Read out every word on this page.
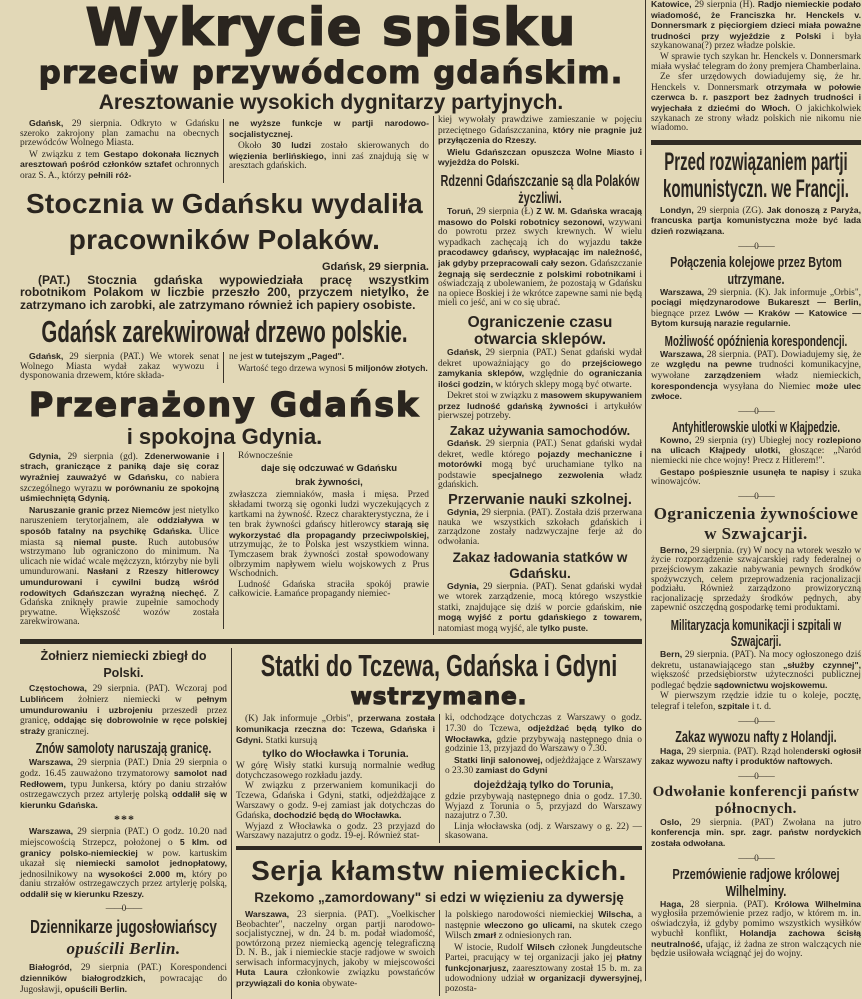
Wykrycie spisku
przeciw przywódcom gdańskim.
Aresztowanie wysokich dygnitarzy partyjnych.

Gdańsk, 29 sierpnia. Odkryto w Gdańsku szeroko zakrojony plan zamachu na obecnych przewódców Wolnego Miasta.

W związku z tem Gestapo dokonała licznych aresztowań pośród członków sztafet ochronnych oraz S. A., którzy pełnili róż-

ne wyższe funkcje w partji narodowo-socjalistycznej.

Około 30 ludzi zostało skierowanych do więzienia berlińskiego, inni zaś znajdują się w aresztach gdańskich.

Stocznia w Gdańsku wydaliła pracowników Polaków.
Gdańsk, 29 sierpnia.

(PAT.) Stocznia gdańska wypowiedziała pracę wszystkim robotnikom Polakom w liczbie przeszło 200, przyczem nietylko, że zatrzymano ich zarobki, ale zatrzymano również ich papiery osobiste.

Gdańsk zarekwirował drzewo polskie.

Gdańsk, 29 sierpnia (PAT.) We wtorek senat Wolnego Miasta wydał zakaz wywozu i dysponowania drzewem, które składa-

ne jest w tutejszym „Paged".

Wartość tego drzewa wynosi 5 miljonów złotych.

Przerażony Gdańsk
i spokojna Gdynia.

Gdynia, 29 sierpnia (gd). Zdenerwowanie i strach, graniczące z paniką daje się coraz wyraźniej zauważyć w Gdańsku, co nabiera szczególnego wyrazu w porównaniu ze spokojną uśmiechniętą Gdynią.

Naruszanie granic przez Niemców jest nietylko naruszeniem terytorjalnem, ale oddziaływa w sposób fatalny na psychikę Gdańska. Ulice miasta są niemal puste. Ruch autobusów wstrzymano lub ograniczono do minimum. Na ulicach nie widać wcale mężczyzn, którzyby nie byli umundurowani. Nasłani z Rzeszy hitlerowcy umundurowani i cywilni budzą wśród rodowitych Gdańszczan wyraźną niechęć. Z Gdańska zniknęły prawie zupełnie samochody prywatne. Większość wozów została zarekwirowana.

Równocześnie

daje się odczuwać w Gdańsku
brak żywności,

zwłaszcza ziemniaków, masła i mięsa. Przed składami tworzą się ogonki ludzi wyczekujących z kartkami na żywność. Rzecz charakterystyczna, że i ten brak żywności gdańscy hitlerowcy starają się wykorzystać dla propagandy przeciwpolskiej, utrzymując, że to Polska jest wszystkiem winna. Tymczasem brak żywności został spowodowany olbrzymim napływem wielu wojskowych z Prus Wschodnich.

Ludność Gdańska straciła spokój prawie całkowicie. Łamańce propagandy niemiec-

kiej wywołały prawdziwe zamieszanie w pojęciu przeciętnego Gdańszczanina, który nie pragnie już przyłączenia do Rzeszy.

Wielu Gdańszczan opuszcza Wolne Miasto i wyjeżdża do Polski.

Rdzenni Gdańszczanie są dla Polaków życzliwi.

Toruń, 29 sierpnia (Ł) Z W. M. Gdańska wracają masowo do Polski robotnicy sezonowi, wzywani do powrotu przez swych krewnych. W wielu wypadkach zachęcają ich do wyjazdu także pracodawcy gdańscy, wypłacając im należność, jak gdyby przepracowali cały sezon. Gdańszczanie żegnają się serdecznie z polskimi robotnikami i oświadczają z ubolewaniem, że pozostają w Gdańsku na opiece Boskiej i że wkrótce zapewne sami nie będą mieli co jeść, ani w co się ubrać.

Ograniczenie czasu otwarcia sklepów.

Gdańsk, 29 sierpnia (PAT.) Senat gdański wydał dekret upoważniający go do przejściowego zamykania sklepów, względnie do ograniczania ilości godzin, w których sklepy mogą być otwarte.

Dekret stoi w związku z masowem skupywaniem przez ludność gdańską żywności i artykułów pierwszej potrzeby.

Zakaz używania samochodów.

Gdańsk. 29 sierpnia (PAT.) Senat gdański wydał dekret, wedle którego pojazdy mechaniczne i motorówki mogą być uruchamiane tylko na podstawie specjalnego zezwolenia władz gdańskich.

Przerwanie nauki szkolnej.

Gdynia, 29 sierpnia. (PAT). Została dziś przerwana nauka we wszystkich szkołach gdańskich i zarządzone zostały nadzwyczajne ferje aż do odwołania.

Zakaz ładowania statków w Gdańsku.

Gdynia, 29 sierpnia. (PAT). Senat gdański wydał we wtorek zarządzenie, mocą którego wszystkie statki, znajdujące się dziś w porcie gdańskim, nie mogą wyjść z portu gdańskiego z towarem, natomiast mogą wyjść, ale tylko puste.

Żołnierz niemiecki zbiegł do Polski.

Częstochowa, 29 sierpnia. (PAT). Wczoraj pod Lublińcem żołnierz niemiecki w pełnym umundurowaniu i uzbrojeniu przeszedł przez granicę, oddając się dobrowolnie w ręce polskiej straży granicznej.

Znów samoloty naruszają granicę.

Warszawa, 29 sierpnia (PAT.) Dnia 29 sierpnia o godz. 16.45 zauważono trzymatorowy samolot nad Redłowem, typu Junkersa, który po daniu strzałów ostrzegawczych przez artylerję polską oddalił się w kierunku Gdańska.

* * *

Warszawa, 29 sierpnia (PAT.) O godz. 10.20 nad miejscowością Strzepcz, położonej o 5 klm. od granicy polsko-niemieckiej w pow. kartuskim ukazał się niemiecki samolot jednopłatowy, jednosilnikowy na wysokości 2.000 m, który po daniu strzałów ostrzegawczych przez artylerję polską, oddalił się w kierunku Rzeszy.

——0——
Dziennikarze jugosłowiańscy
opuścili Berlin.

Białogród, 29 sierpnia (PAT.) Korespondenci dzienników białogrodzkich, powracając do Jugosławji, opuścili Berlin.

Statki do Tczewa, Gdańska i Gdyni
wstrzymane.

(K) Jak informuje „Orbis", przerwana została komunikacja rzeczna do: Tczewa, Gdańska i Gdyni. Statki kursują

tylko do Włocławka i Torunia.

W górę Wisły statki kursują normalnie według dotychczasowego rozkładu jazdy.

W związku z przerwaniem komunikacji do Tczewa, Gdańska i Gdyni, statki, odjeżdżające z Warszawy o godz. 9-ej zamiast jak dotychczas do Gdańska, dochodzić będą do Włocławka.

Wyjazd z Włocławka o godz. 23 przyjazd do Warszawy nazajutrz o godz. 19-ej. Również stat-

ki, odchodzące dotychczas z Warszawy o godz. 17.30 do Tczewa, odjeżdżać będą tylko do Włocławka, gdzie przybywają następnego dnia o godzinie 13, przyjazd do Warszawy o 7.30.

Statki linji salonowej, odjeżdżające z Warszawy o 23.30 zamiast do Gdyni

dojeżdżają tylko do Torunia,

gdzie przybywają następnego dnia o godz. 17.30. Wyjazd z Torunia o 5, przyjazd do Warszawy nazajutrz o 7.30.

Linja włocławska (odj. z Warszawy o g. 22) — skasowana.

Serja kłamstw niemieckich.
Rzekomo „zamordowany" si edzi w więzieniu za dywersję

Warszawa, 23 sierpnia. (PAT). „Voelkischer Beobachter", naczelny organ partji narodowo-socjalistycznej, w dn. 24 b. m. podał wiadomość, powtórzoną przez niemiecką agencję telegraficzną D. N. B., jak i niemieckie stacje radjowe w swoich serwisach informacyjnych, jakoby w miejscowości Huta Laura członkowie związku powstańców przywiązali do konia obywate-

la polskiego narodowości niemieckiej Wilscha, a następnie wleczono go ulicami, na skutek czego Wilsch zmarł z odniesionych ran.

W istocie, Rudolf Wilsch członek Jungdeutsche Partei, pracujący w tej organizacji jako jej płatny funkcjonarjusz, zaaresztowany został 15 b. m. za udowodniony udział w organizacji dywersyjnej, pozosta-

Katowice, 29 sierpnia (H). Radjo niemieckie podało wiadomość, że Franciszka hr. Henckels v. Donnersmark z pięciorgiem dzieci miała poważne trudności przy wyjeździe z Polski i była szykanowana(?) przez władze polskie.

W sprawie tych szykan hr. Henckels v. Donnersmark miała wysłać telegram do żony premjera Chamberlaina.

Ze sfer urzędowych dowiadujemy się, że hr. Henckels v. Donnersmark otrzymała w połowie czerwca b. r. paszport bez żadnych trudności i wyjechała z dziećmi do Włoch. O jakichkolwiek szykanach ze strony władz polskich nie nikomu nie wiadomo.

Przed rozwiązaniem partji komunistyczn. we Francji.

Londyn, 29 sierpnia (ZG). Jak donoszą z Paryża, francuska partja komunistyczna może być lada dzień rozwiązana.

——0——
Połączenia kolejowe przez Bytom utrzymane.

Warszawa, 29 sierpnia. (K). Jak informuje „Orbis", pociągi międzynarodowe Bukareszt — Berlin, biegnące przez Lwów — Kraków — Katowice — Bytom kursują narazie regularnie.

Możliwość opóźnienia korespondencji.

Warszawa, 28 sierpnia. (PAT). Dowiadujemy się, że ze względu na pewne trudności komunikacyjne, wywołane zarządzeniem władz niemieckich, korespondencja wysyłana do Niemiec może ulec zwłoce.

——0——
Antyhitlerowskie ulotki w Kłajpedzie.

Kowno, 29 sierpnia (ry) Ubiegłej nocy rozlepiono na ulicach Kłajpedy ulotki, głoszące: „Naród niemiecki nie chce wojny! Precz z Hitlerem!".

Gestapo pośpiesznie usunęła te napisy i szuka winowajców.

——0——
Ograniczenia żywnościowe w Szwajcarji.

Berno, 29 sierpnia. (ry) W nocy na wtorek weszło w życie rozporządzenie szwajcarskiej rady federalnej o przejściowym zakazie nabywania pewnych środków spożywczych, celem przeprowadzenia racjonalizacji podziału. Również zarządzono prowizoryczną racjonalizację sprzedaży środków pędnych, aby zapewnić oszczędną gospodarkę temi produktami.

Militaryzacja komunikacji i szpitali w Szwajcarji.

Bern, 29 sierpnia. (PAT). Na mocy ogłoszonego dziś dekretu, ustanawiającego stan „służby czynnej", większość przedsiębiorstw użyteczności publicznej podlegać będzie sądownictwu wojskowemu.

W pierwszym rzędzie idzie tu o koleje, pocztę, telegraf i telefon, szpitale i t. d.

——0——
Zakaz wywozu nafty z Holandji.

Haga, 29 sierpnia. (PAT). Rząd holenderski ogłosił zakaz wywozu nafty i produktów naftowych.

——0——
Odwołanie konferencji państw północnych.

Oslo, 29 sierpnia. (PAT) Zwołana na jutro konferencja min. spr. zagr. państw nordyckich została odwołana.

——0——
Przemówienie radjowe królowej Wilhelminy.

Haga, 28 sierpnia. (PAT). Królowa Wilhelmina wygłosiła przemówienie przez radjo, w którem m. in. oświadczyła, iż gdyby pomimo wszystkich wysiłków wybuchł konflikt, Holandja zachowa ścisłą neutralność, ufając, iż żadna ze stron walczących nie będzie usiłowała wciągnąć jej do wojny.
